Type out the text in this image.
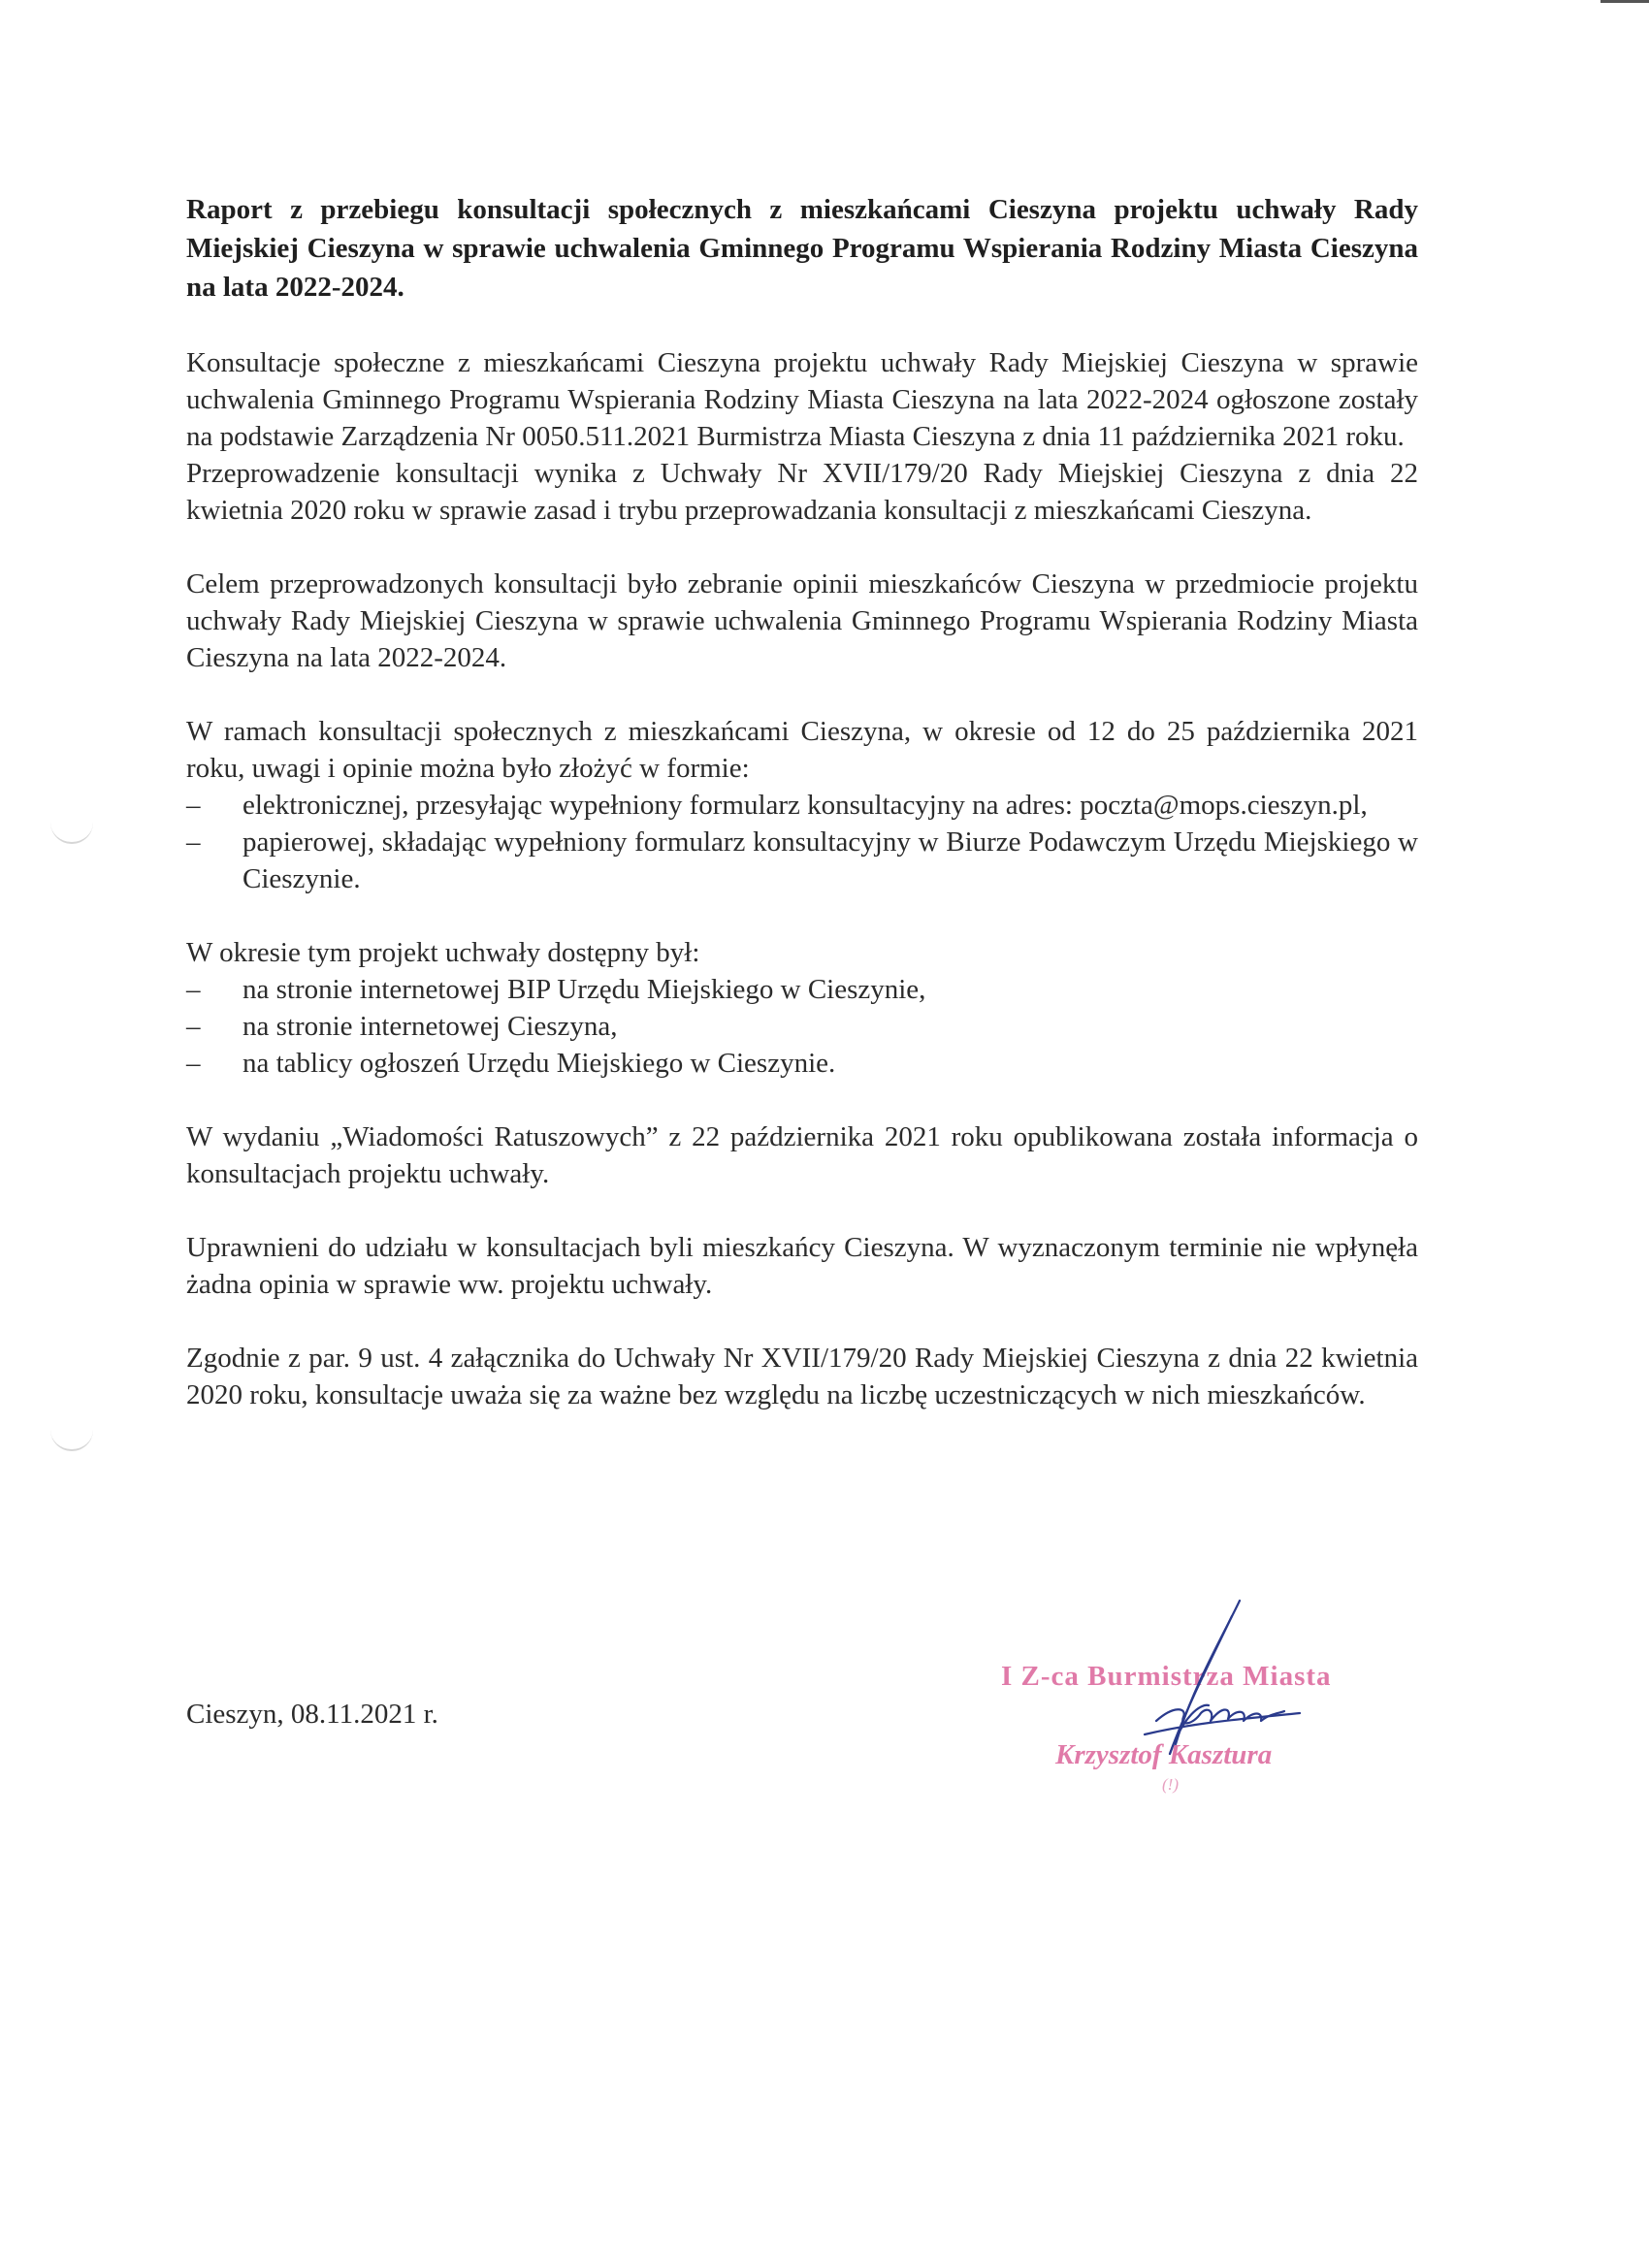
Raport z przebiegu konsultacji społecznych z mieszkańcami Cieszyna projektu uchwały Rady Miejskiej Cieszyna w sprawie uchwalenia Gminnego Programu Wspierania Rodziny Miasta Cieszyna na lata 2022-2024.

Konsultacje społeczne z mieszkańcami Cieszyna projektu uchwały Rady Miejskiej Cieszyna w sprawie uchwalenia Gminnego Programu Wspierania Rodziny Miasta Cieszyna na lata 2022-2024 ogłoszone zostały na podstawie Zarządzenia Nr 0050.511.2021 Burmistrza Miasta Cieszyna z dnia 11 października 2021 roku.

Przeprowadzenie konsultacji wynika z Uchwały Nr XVII/179/20 Rady Miejskiej Cieszyna z dnia 22 kwietnia 2020 roku w sprawie zasad i trybu przeprowadzania konsultacji z mieszkańcami Cieszyna.

Celem przeprowadzonych konsultacji było zebranie opinii mieszkańców Cieszyna w przedmiocie projektu uchwały Rady Miejskiej Cieszyna w sprawie uchwalenia Gminnego Programu Wspierania Rodziny Miasta Cieszyna na lata 2022-2024.

W ramach konsultacji społecznych z mieszkańcami Cieszyna, w okresie od 12 do 25 października 2021 roku, uwagi i opinie można było złożyć w formie:

– elektronicznej, przesyłając wypełniony formularz konsultacyjny na adres: poczta@mops.cieszyn.pl,
– papierowej, składając wypełniony formularz konsultacyjny w Biurze Podawczym Urzędu Miejskiego w Cieszynie.

W okresie tym projekt uchwały dostępny był:

– na stronie internetowej BIP Urzędu Miejskiego w Cieszynie,
– na stronie internetowej Cieszyna,
– na tablicy ogłoszeń Urzędu Miejskiego w Cieszynie.

W wydaniu „Wiadomości Ratuszowych” z 22 października 2021 roku opublikowana została informacja o konsultacjach projektu uchwały.

Uprawnieni do udziału w konsultacjach byli mieszkańcy Cieszyna. W wyznaczonym terminie nie wpłynęła żadna opinia w sprawie ww. projektu uchwały.

Zgodnie z par. 9 ust. 4 załącznika do Uchwały Nr XVII/179/20 Rady Miejskiej Cieszyna z dnia 22 kwietnia 2020 roku, konsultacje uważa się za ważne bez względu na liczbę uczestniczących w nich mieszkańców.

Cieszyn, 08.11.2021 r.
I Z-ca Burmistrza Miasta
Krzysztof Kasztura
(!)
